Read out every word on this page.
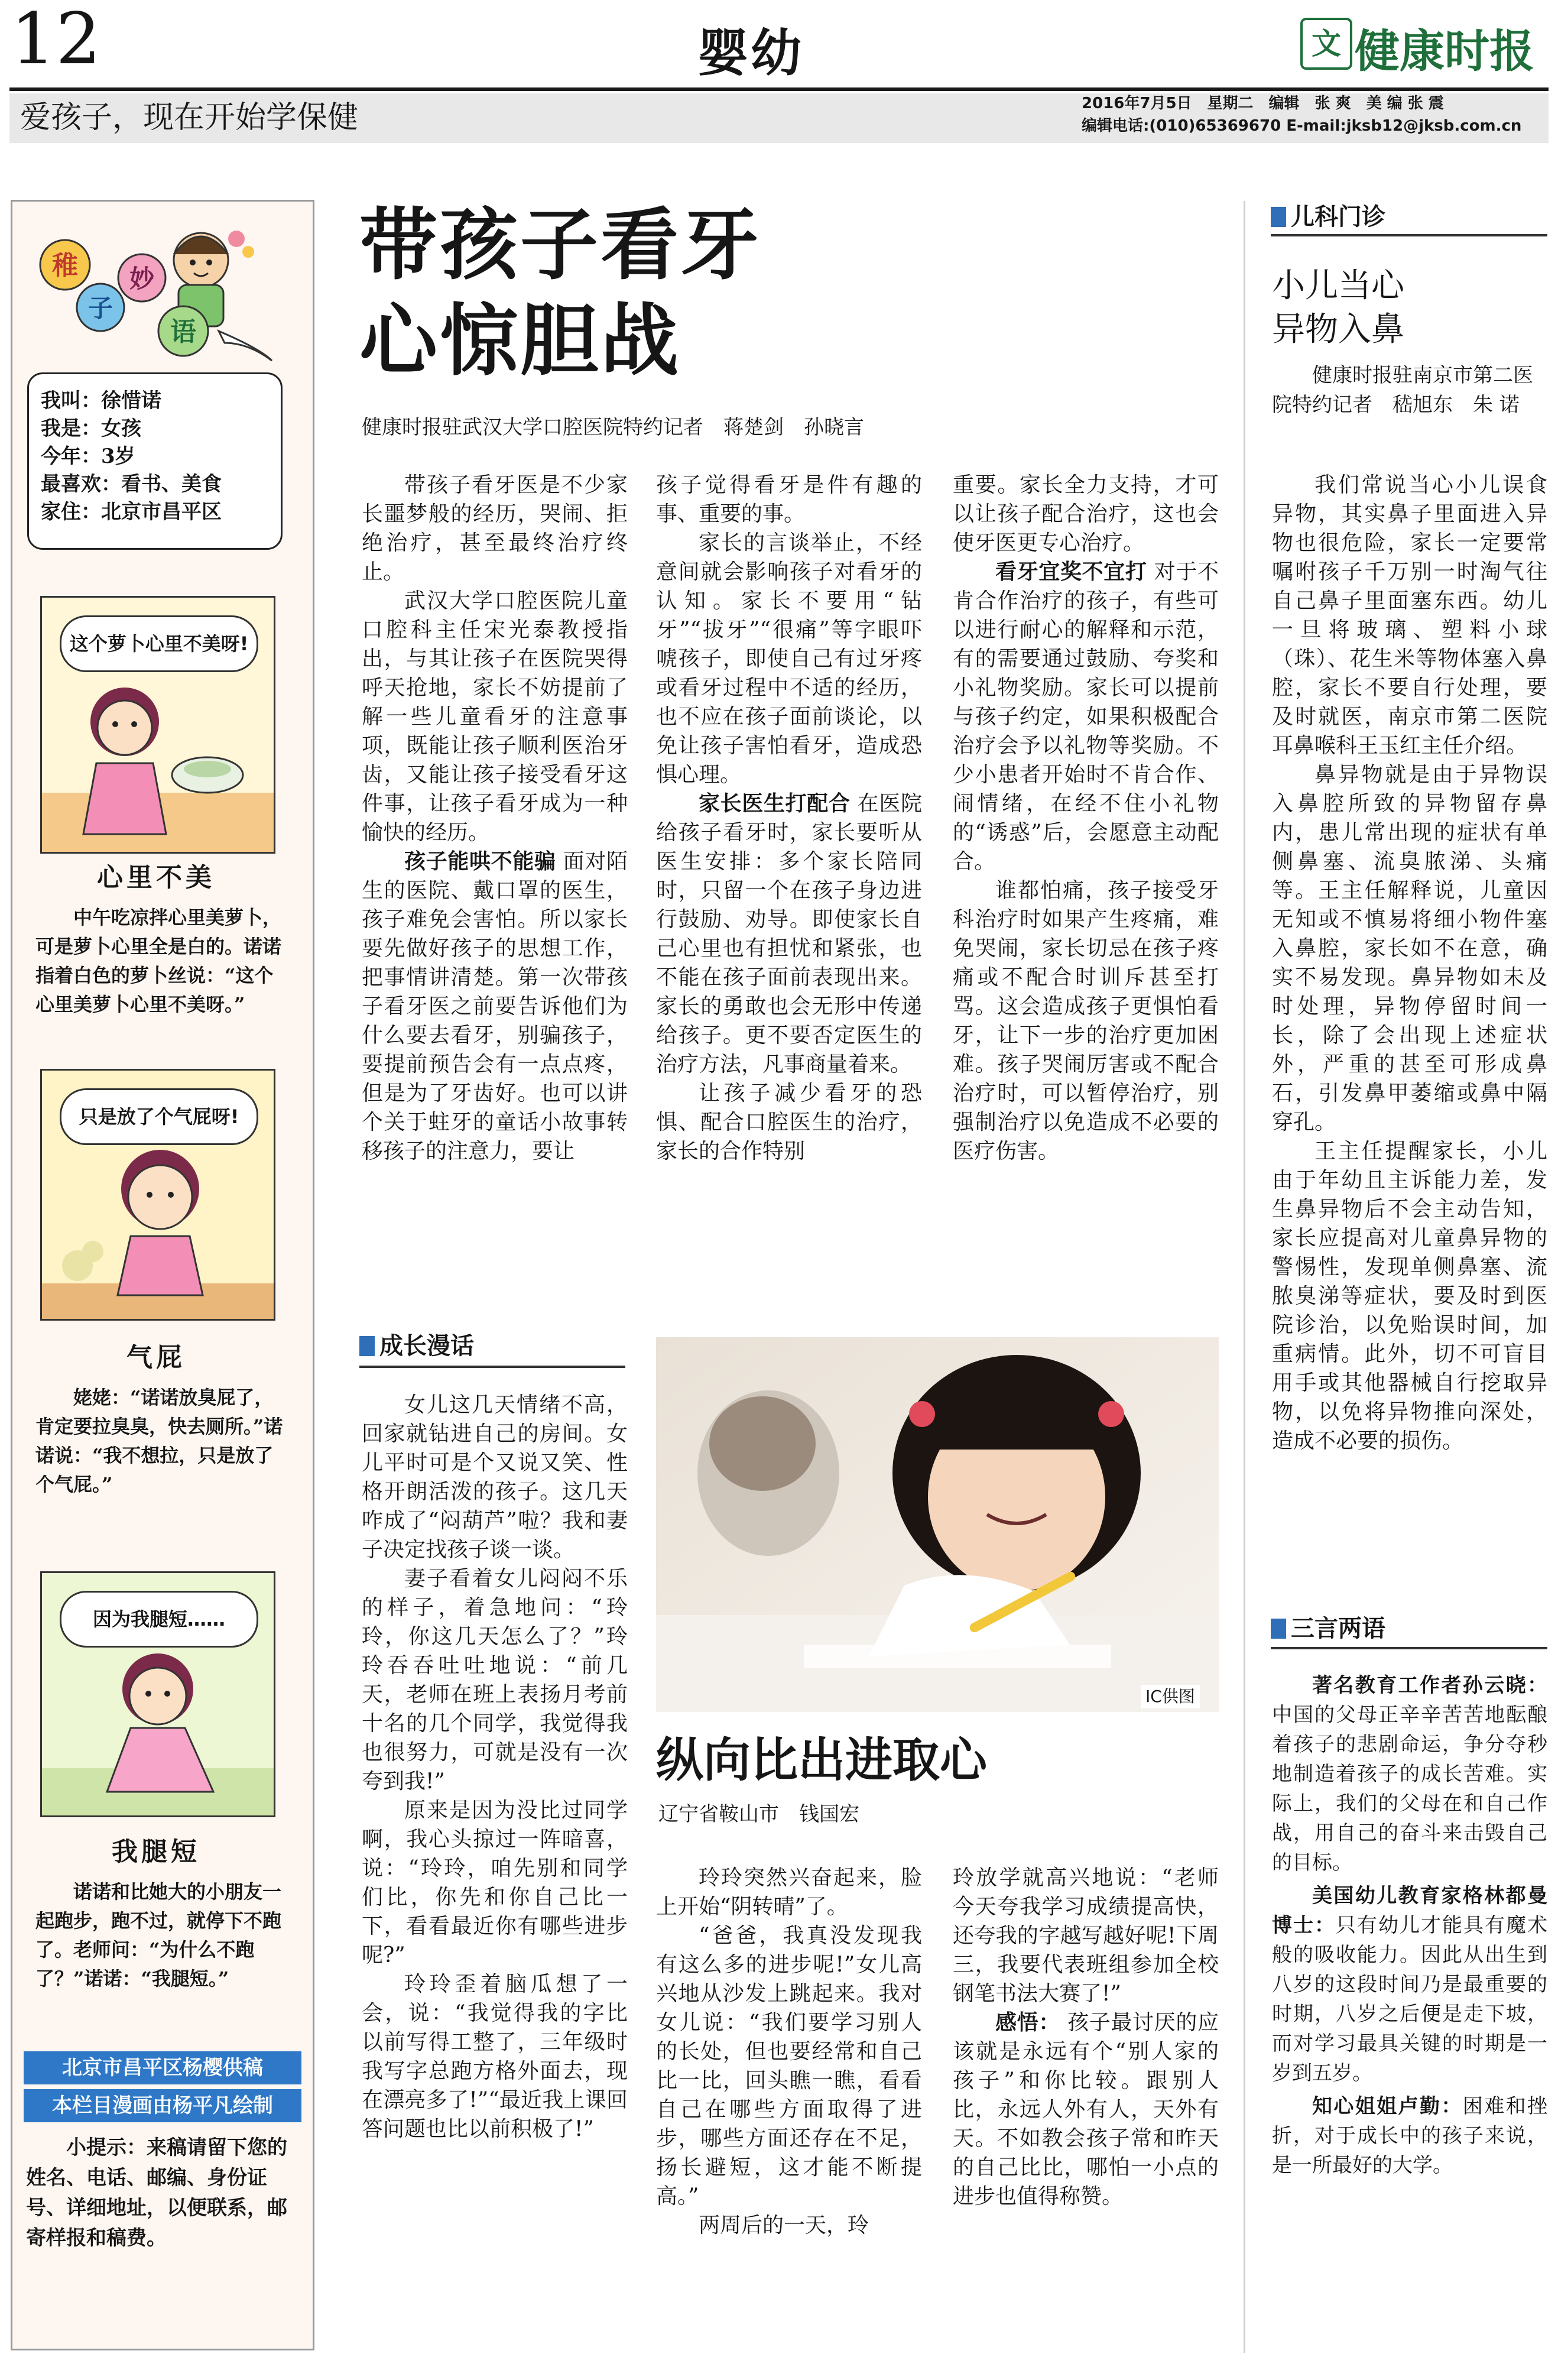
12	婴幼	文 健康时报
爱孩子，现在开始学保健	2016年7月5日　星期二　编辑　张 爽　美 编 张 震
编辑电话:(010)65369670 E-mail:jksb12@jksb.com.cn
稚
子
妙
语
我叫：徐惜诺
我是：女孩
今年：3岁
最喜欢：看书、美食
家住：北京市昌平区
这个萝卜心里不美呀!
心里不美
中午吃凉拌心里美萝卜，可是萝卜心里全是白的。诺诺指着白色的萝卜丝说：“这个心里美萝卜心里不美呀。”
只是放了个气屁呀!
气屁
姥姥：“诺诺放臭屁了，肯定要拉臭臭，快去厕所。”诺诺说：“我不想拉，只是放了个气屁。”
因为我腿短……
我腿短
诺诺和比她大的小朋友一起跑步，跑不过，就停下不跑了。老师问：“为什么不跑了？”诺诺：“我腿短。”
北京市昌平区杨樱供稿
本栏目漫画由杨平凡绘制
小提示：来稿请留下您的姓名、电话、邮编、身份证号、详细地址，以便联系，邮寄样报和稿费。
带孩子看牙
心惊胆战
健康时报驻武汉大学口腔医院特约记者　蒋楚剑　孙晓言

带孩子看牙医是不少家长噩梦般的经历，哭闹、拒绝治疗，甚至最终治疗终止。

武汉大学口腔医院儿童口腔科主任宋光泰教授指出，与其让孩子在医院哭得呼天抢地，家长不妨提前了解一些儿童看牙的注意事项，既能让孩子顺利医治牙齿，又能让孩子接受看牙这件事，让孩子看牙成为一种愉快的经历。

孩子能哄不能骗 面对陌生的医院、戴口罩的医生，孩子难免会害怕。所以家长要先做好孩子的思想工作，把事情讲清楚。第一次带孩子看牙医之前要告诉他们为什么要去看牙，别骗孩子，要提前预告会有一点点疼，但是为了牙齿好。也可以讲个关于蛀牙的童话小故事转移孩子的注意力，要让

孩子觉得看牙是件有趣的事、重要的事。

家长的言谈举止，不经意间就会影响孩子对看牙的认知。家长不要用“钻牙”“拔牙”“很痛”等字眼吓唬孩子，即使自己有过牙疼或看牙过程中不适的经历，也不应在孩子面前谈论，以免让孩子害怕看牙，造成恐惧心理。

家长医生打配合 在医院给孩子看牙时，家长要听从医生安排：多个家长陪同时，只留一个在孩子身边进行鼓励、劝导。即使家长自己心里也有担忧和紧张，也不能在孩子面前表现出来。家长的勇敢也会无形中传递给孩子。更不要否定医生的治疗方法，凡事商量着来。

让孩子减少看牙的恐惧、配合口腔医生的治疗，家长的合作特别

重要。家长全力支持，才可以让孩子配合治疗，这也会使牙医更专心治疗。

看牙宜奖不宜打 对于不肯合作治疗的孩子，有些可以进行耐心的解释和示范，有的需要通过鼓励、夸奖和小礼物奖励。家长可以提前与孩子约定，如果积极配合治疗会予以礼物等奖励。不少小患者开始时不肯合作、闹情绪，在经不住小礼物的“诱惑”后，会愿意主动配合。

谁都怕痛，孩子接受牙科治疗时如果产生疼痛，难免哭闹，家长切忌在孩子疼痛或不配合时训斥甚至打骂。这会造成孩子更惧怕看牙，让下一步的治疗更加困难。孩子哭闹厉害或不配合治疗时，可以暂停治疗，别强制治疗以免造成不必要的医疗伤害。

成长漫话

女儿这几天情绪不高，回家就钻进自己的房间。女儿平时可是个又说又笑、性格开朗活泼的孩子。这几天咋成了“闷葫芦”啦？我和妻子决定找孩子谈一谈。

妻子看着女儿闷闷不乐的样子，着急地问：“玲玲，你这几天怎么了？”玲玲吞吞吐吐地说：“前几天，老师在班上表扬月考前十名的几个同学，我觉得我也很努力，可就是没有一次夸到我!”

原来是因为没比过同学啊，我心头掠过一阵暗喜，说：“玲玲，咱先别和同学们比，你先和你自己比一下，看看最近你有哪些进步呢?”

玲玲歪着脑瓜想了一会，说：“我觉得我的字比以前写得工整了，三年级时我写字总跑方格外面去，现在漂亮多了!”“最近我上课回答问题也比以前积极了!”

IC供图
纵向比出进取心
辽宁省鞍山市　钱国宏

玲玲突然兴奋起来，脸上开始“阴转晴”了。

“爸爸，我真没发现我有这么多的进步呢!”女儿高兴地从沙发上跳起来。我对女儿说：“我们要学习别人的长处，但也要经常和自己比一比，回头瞧一瞧，看看自己在哪些方面取得了进步，哪些方面还存在不足，扬长避短，这才能不断提高。”

两周后的一天，玲

玲放学就高兴地说：“老师今天夸我学习成绩提高快，还夸我的字越写越好呢!下周三，我要代表班组参加全校钢笔书法大赛了!”

感悟： 孩子最讨厌的应该就是永远有个“别人家的孩子”和你比较。跟别人比，永远人外有人，天外有天。不如教会孩子常和昨天的自己比比，哪怕一小点的进步也值得称赞。

儿科门诊
小儿当心
异物入鼻
健康时报驻南京市第二医院特约记者　嵇旭东　朱 诺

我们常说当心小儿误食异物，其实鼻子里面进入异物也很危险，家长一定要常嘱咐孩子千万别一时淘气往自己鼻子里面塞东西。幼儿一旦将玻璃、塑料小球（珠）、花生米等物体塞入鼻腔，家长不要自行处理，要及时就医，南京市第二医院耳鼻喉科王玉红主任介绍。

鼻异物就是由于异物误入鼻腔所致的异物留存鼻内，患儿常出现的症状有单侧鼻塞、流臭脓涕、头痛等。王主任解释说，儿童因无知或不慎易将细小物件塞入鼻腔，家长如不在意，确实不易发现。鼻异物如未及时处理，异物停留时间一长，除了会出现上述症状外，严重的甚至可形成鼻石，引发鼻甲萎缩或鼻中隔穿孔。

王主任提醒家长，小儿由于年幼且主诉能力差，发生鼻异物后不会主动告知，家长应提高对儿童鼻异物的警惕性，发现单侧鼻塞、流脓臭涕等症状，要及时到医院诊治，以免贻误时间，加重病情。此外，切不可盲目用手或其他器械自行挖取异物，以免将异物推向深处，造成不必要的损伤。

三言两语

著名教育工作者孙云晓：中国的父母正辛辛苦苦地酝酿着孩子的悲剧命运，争分夺秒地制造着孩子的成长苦难。实际上，我们的父母在和自己作战，用自己的奋斗来击毁自己的目标。

美国幼儿教育家格林都曼博士：只有幼儿才能具有魔术般的吸收能力。因此从出生到八岁的这段时间乃是最重要的时期，八岁之后便是走下坡，而对学习最具关键的时期是一岁到五岁。

知心姐姐卢勤：困难和挫折，对于成长中的孩子来说，是一所最好的大学。
